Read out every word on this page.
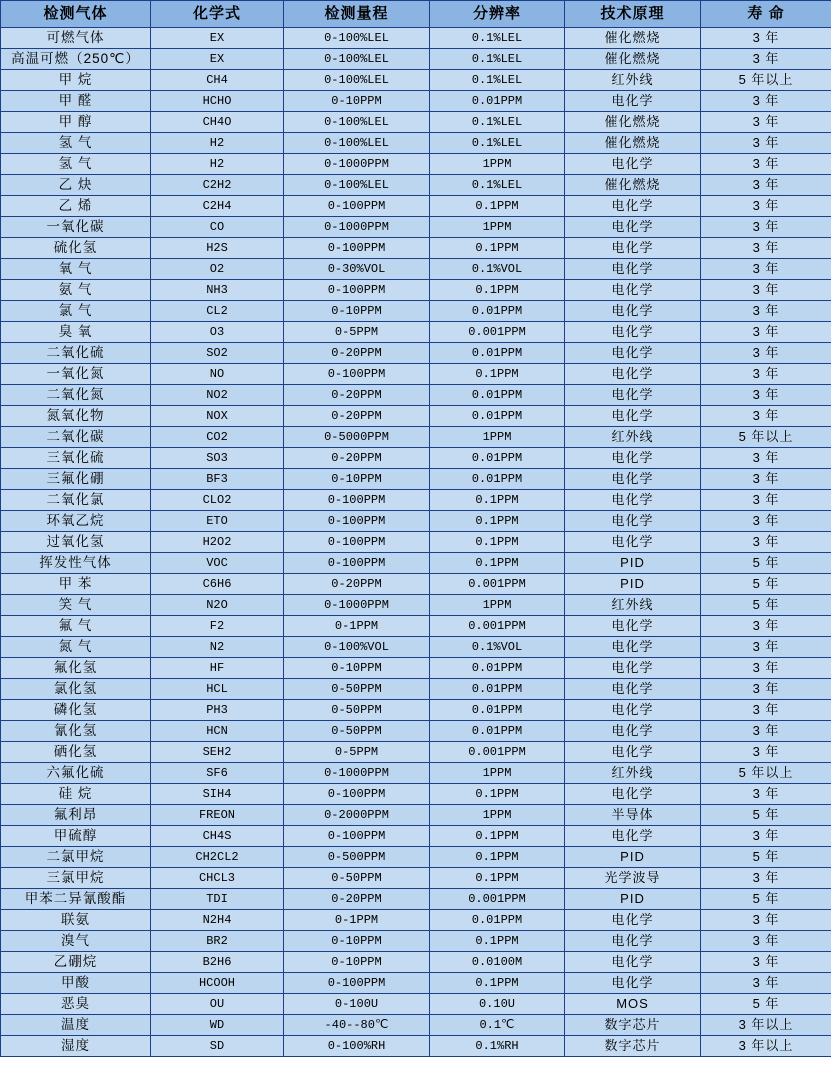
检测气体	化学式	检测量程	分辨率	技术原理	寿 命
可燃气体	EX	0-100%LEL	0.1%LEL	催化燃烧	3 年
高温可燃（250℃）	EX	0-100%LEL	0.1%LEL	催化燃烧	3 年
甲 烷	CH4	0-100%LEL	0.1%LEL	红外线	5 年以上
甲 醛	HCHO	0-10PPM	0.01PPM	电化学	3 年
甲 醇	CH4O	0-100%LEL	0.1%LEL	催化燃烧	3 年
氢 气	H2	0-100%LEL	0.1%LEL	催化燃烧	3 年
氢 气	H2	0-1000PPM	1PPM	电化学	3 年
乙 炔	C2H2	0-100%LEL	0.1%LEL	催化燃烧	3 年
乙 烯	C2H4	0-100PPM	0.1PPM	电化学	3 年
一氧化碳	CO	0-1000PPM	1PPM	电化学	3 年
硫化氢	H2S	0-100PPM	0.1PPM	电化学	3 年
氧 气	O2	0-30%VOL	0.1%VOL	电化学	3 年
氨 气	NH3	0-100PPM	0.1PPM	电化学	3 年
氯 气	CL2	0-10PPM	0.01PPM	电化学	3 年
臭 氧	O3	0-5PPM	0.001PPM	电化学	3 年
二氧化硫	SO2	0-20PPM	0.01PPM	电化学	3 年
一氧化氮	NO	0-100PPM	0.1PPM	电化学	3 年
二氧化氮	NO2	0-20PPM	0.01PPM	电化学	3 年
氮氧化物	NOX	0-20PPM	0.01PPM	电化学	3 年
二氧化碳	CO2	0-5000PPM	1PPM	红外线	5 年以上
三氧化硫	SO3	0-20PPM	0.01PPM	电化学	3 年
三氟化硼	BF3	0-10PPM	0.01PPM	电化学	3 年
二氧化氯	CLO2	0-100PPM	0.1PPM	电化学	3 年
环氧乙烷	ETO	0-100PPM	0.1PPM	电化学	3 年
过氧化氢	H2O2	0-100PPM	0.1PPM	电化学	3 年
挥发性气体	VOC	0-100PPM	0.1PPM	PID	5 年
甲 苯	C6H6	0-20PPM	0.001PPM	PID	5 年
笑 气	N2O	0-1000PPM	1PPM	红外线	5 年
氟 气	F2	0-1PPM	0.001PPM	电化学	3 年
氮 气	N2	0-100%VOL	0.1%VOL	电化学	3 年
氟化氢	HF	0-10PPM	0.01PPM	电化学	3 年
氯化氢	HCL	0-50PPM	0.01PPM	电化学	3 年
磷化氢	PH3	0-50PPM	0.01PPM	电化学	3 年
氰化氢	HCN	0-50PPM	0.01PPM	电化学	3 年
硒化氢	SEH2	0-5PPM	0.001PPM	电化学	3 年
六氟化硫	SF6	0-1000PPM	1PPM	红外线	5 年以上
硅 烷	SIH4	0-100PPM	0.1PPM	电化学	3 年
氟利昂	FREON	0-2000PPM	1PPM	半导体	5 年
甲硫醇	CH4S	0-100PPM	0.1PPM	电化学	3 年
二氯甲烷	CH2CL2	0-500PPM	0.1PPM	PID	5 年
三氯甲烷	CHCL3	0-50PPM	0.1PPM	光学波导	3 年
甲苯二异氰酸酯	TDI	0-20PPM	0.001PPM	PID	5 年
联氨	N2H4	0-1PPM	0.01PPM	电化学	3 年
溴气	BR2	0-10PPM	0.1PPM	电化学	3 年
乙硼烷	B2H6	0-10PPM	0.0100M	电化学	3 年
甲酸	HCOOH	0-100PPM	0.1PPM	电化学	3 年
恶臭	OU	0-100U	0.10U	MOS	5 年
温度	WD	-40--80℃	0.1℃	数字芯片	3 年以上
湿度	SD	0-100%RH	0.1%RH	数字芯片	3 年以上
